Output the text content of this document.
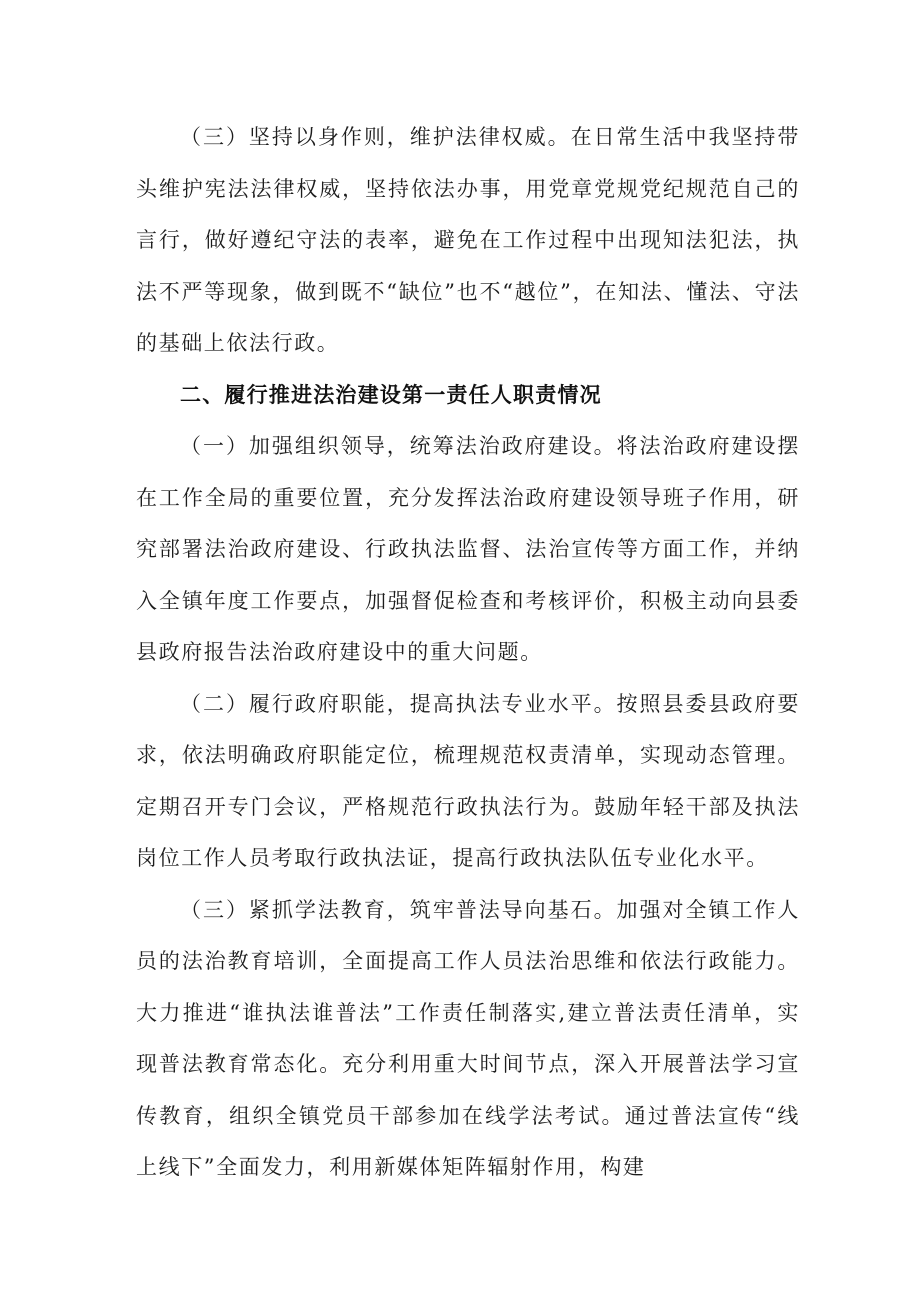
（三）坚持以身作则，维护法律权威。在日常生活中我坚持带头维护宪法法律权威，坚持依法办事，用党章党规党纪规范自己的言行，做好遵纪守法的表率，避免在工作过程中出现知法犯法，执法不严等现象，做到既不“缺位”也不“越位”，在知法、懂法、守法的基础上依法行政。

二、履行推进法治建设第一责任人职责情况

（一）加强组织领导，统筹法治政府建设。将法治政府建设摆在工作全局的重要位置，充分发挥法治政府建设领导班子作用，研究部署法治政府建设、行政执法监督、法治宣传等方面工作，并纳入全镇年度工作要点，加强督促检查和考核评价，积极主动向县委县政府报告法治政府建设中的重大问题。

（二）履行政府职能，提高执法专业水平。按照县委县政府要求，依法明确政府职能定位，梳理规范权责清单，实现动态管理。定期召开专门会议，严格规范行政执法行为。鼓励年轻干部及执法岗位工作人员考取行政执法证，提高行政执法队伍专业化水平。

（三）紧抓学法教育，筑牢普法导向基石。加强对全镇工作人员的法治教育培训，全面提高工作人员法治思维和依法行政能力。大力推进“谁执法谁普法”工作责任制落实,建立普法责任清单，实现普法教育常态化。充分利用重大时间节点，深入开展普法学习宣传教育，组织全镇党员干部参加在线学法考试。通过普法宣传“线上线下”全面发力，利用新媒体矩阵辐射作用，构建
